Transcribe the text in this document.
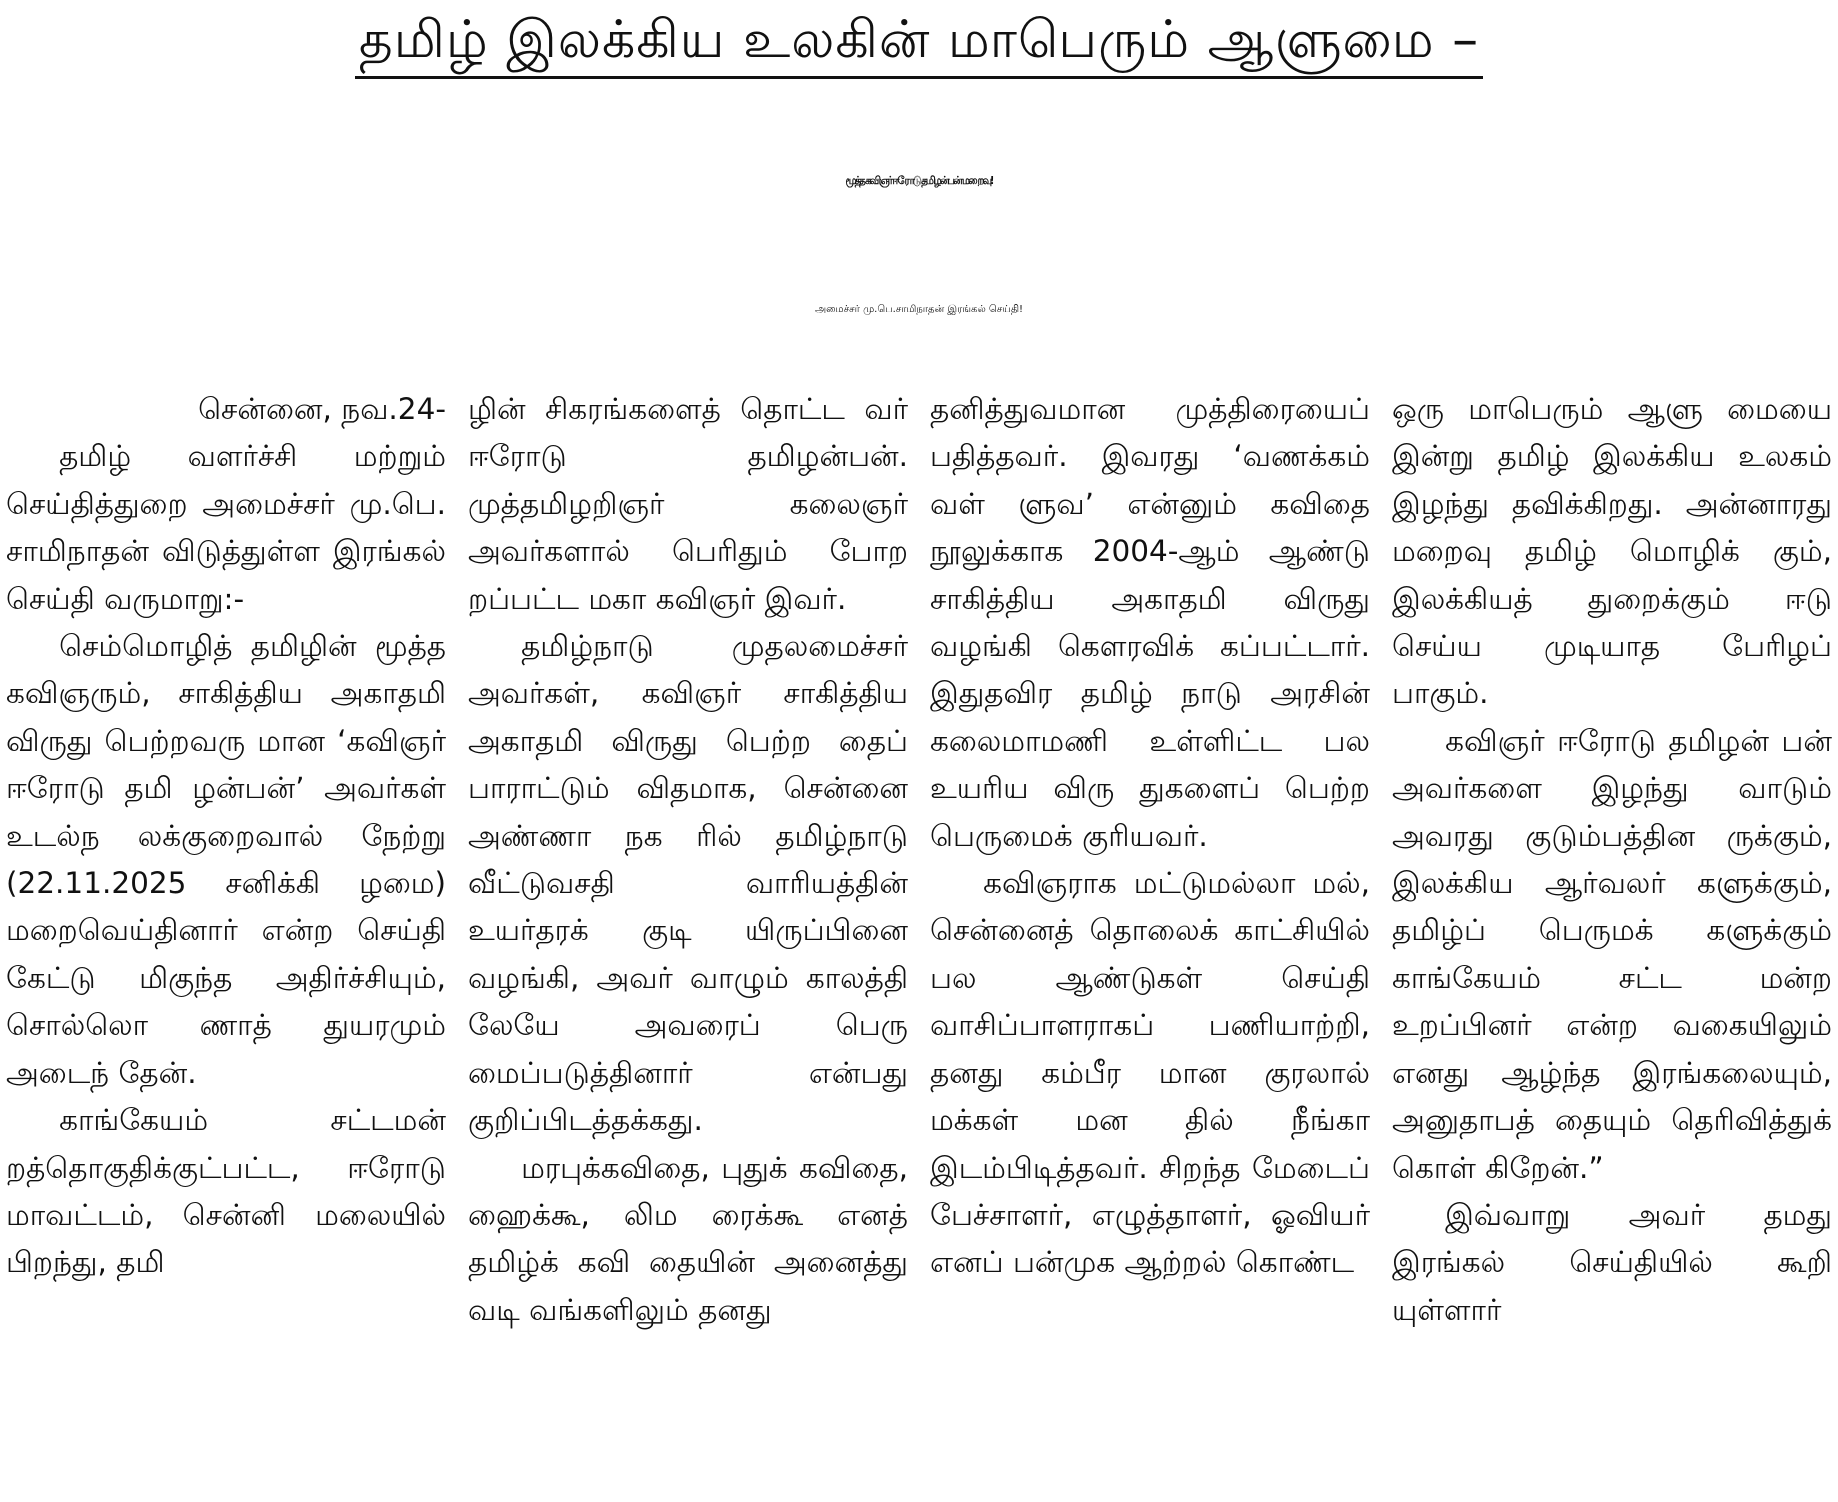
தமிழ் இலக்கிய உலகின் மாபெரும் ஆளுமை –
மூத்த கவிஞர் ஈரோடு தமிழன்பன் மறைவு!
அமைச்சர் மு.பெ.சாமிநாதன் இரங்கல் செய்தி!

சென்னை, நவ.24-

தமிழ் வளர்ச்சி மற்றும் செய்தித்துறை அமைச்சர் மு.பெ. சாமிநாதன் விடுத்துள்ள இரங்கல் செய்தி வருமாறு:-

செம்மொழித் தமிழின் மூத்த கவிஞரும், சாகித்திய அகாதமி விருது பெற்றவரு மான ‘கவிஞர் ஈரோடு தமி ழன்பன்’ அவர்கள் உடல்ந லக்குறைவால் நேற்று (22.11.2025 சனிக்கி ழமை) மறைவெய்தினார் என்ற செய்தி கேட்டு மிகுந்த அதிர்ச்சியும், சொல்லொ ணாத் துயரமும் அடைந் தேன்.

காங்கேயம் சட்டமன் றத்தொகுதிக்குட்பட்ட, ஈரோடு மாவட்டம், சென்னி மலையில் பிறந்து, தமி

ழின் சிகரங்களைத் தொட்ட வர் ஈரோடு தமிழன்பன். முத்தமிழறிஞர் கலைஞர் அவர்களால் பெரிதும் போற றப்பட்ட மகா கவிஞர் இவர்.

தமிழ்நாடு முதலமைச்சர் அவர்கள், கவிஞர் சாகித்திய அகாதமி விருது பெற்ற தைப் பாராட்டும் விதமாக, சென்னை அண்ணா நக ரில் தமிழ்நாடு வீட்டுவசதி வாரியத்தின் உயர்தரக் குடி யிருப்பினை வழங்கி, அவர் வாழும் காலத்தி லேயே அவரைப் பெரு மைப்படுத்தினார் என்பது குறிப்பிடத்தக்கது.

மரபுக்கவிதை, புதுக் கவிதை, ஹைக்கூ, லிம ரைக்கூ எனத் தமிழ்க் கவி தையின் அனைத்து வடி வங்களிலும் தனது

தனித்துவமான முத்திரையைப் பதித்தவர். இவரது ‘வணக்கம் வள் ளுவ’ என்னும் கவிதை நூலுக்காக 2004-ஆம் ஆண்டு சாகித்திய அகாதமி விருது வழங்கி கௌரவிக் கப்பட்டார். இதுதவிர தமிழ் நாடு அரசின் கலைமாமணி உள்ளிட்ட பல உயரிய விரு துகளைப் பெற்ற பெருமைக் குரியவர்.

கவிஞராக மட்டுமல்லா மல், சென்னைத் தொலைக் காட்சியில் பல ஆண்டுகள் செய்தி வாசிப்பாளராகப் பணியாற்றி, தனது கம்பீர மான குரலால் மக்கள் மன தில் நீங்கா இடம்பிடித்தவர். சிறந்த மேடைப் பேச்சாளர், எழுத்தாளர், ஓவியர் எனப் பன்முக ஆற்றல் கொண்ட

ஒரு மாபெரும் ஆளு மையை இன்று தமிழ் இலக்கிய உலகம் இழந்து தவிக்கிறது. அன்னாரது மறைவு தமிழ் மொழிக் கும், இலக்கியத் துறைக்கும் ஈடு செய்ய முடியாத பேரிழப் பாகும்.

கவிஞர் ஈரோடு தமிழன் பன் அவர்களை இழந்து வாடும் அவரது குடும்பத்தின ருக்கும், இலக்கிய ஆர்வலர் களுக்கும், தமிழ்ப் பெருமக் களுக்கும் காங்கேயம் சட்ட மன்ற உறப்பினர் என்ற வகையிலும் எனது ஆழ்ந்த இரங்கலையும், அனுதாபத் தையும் தெரிவித்துக் கொள் கிறேன்.”

இவ்வாறு அவர் தமது இரங்கல் செய்தியில் கூறி யுள்ளார்
